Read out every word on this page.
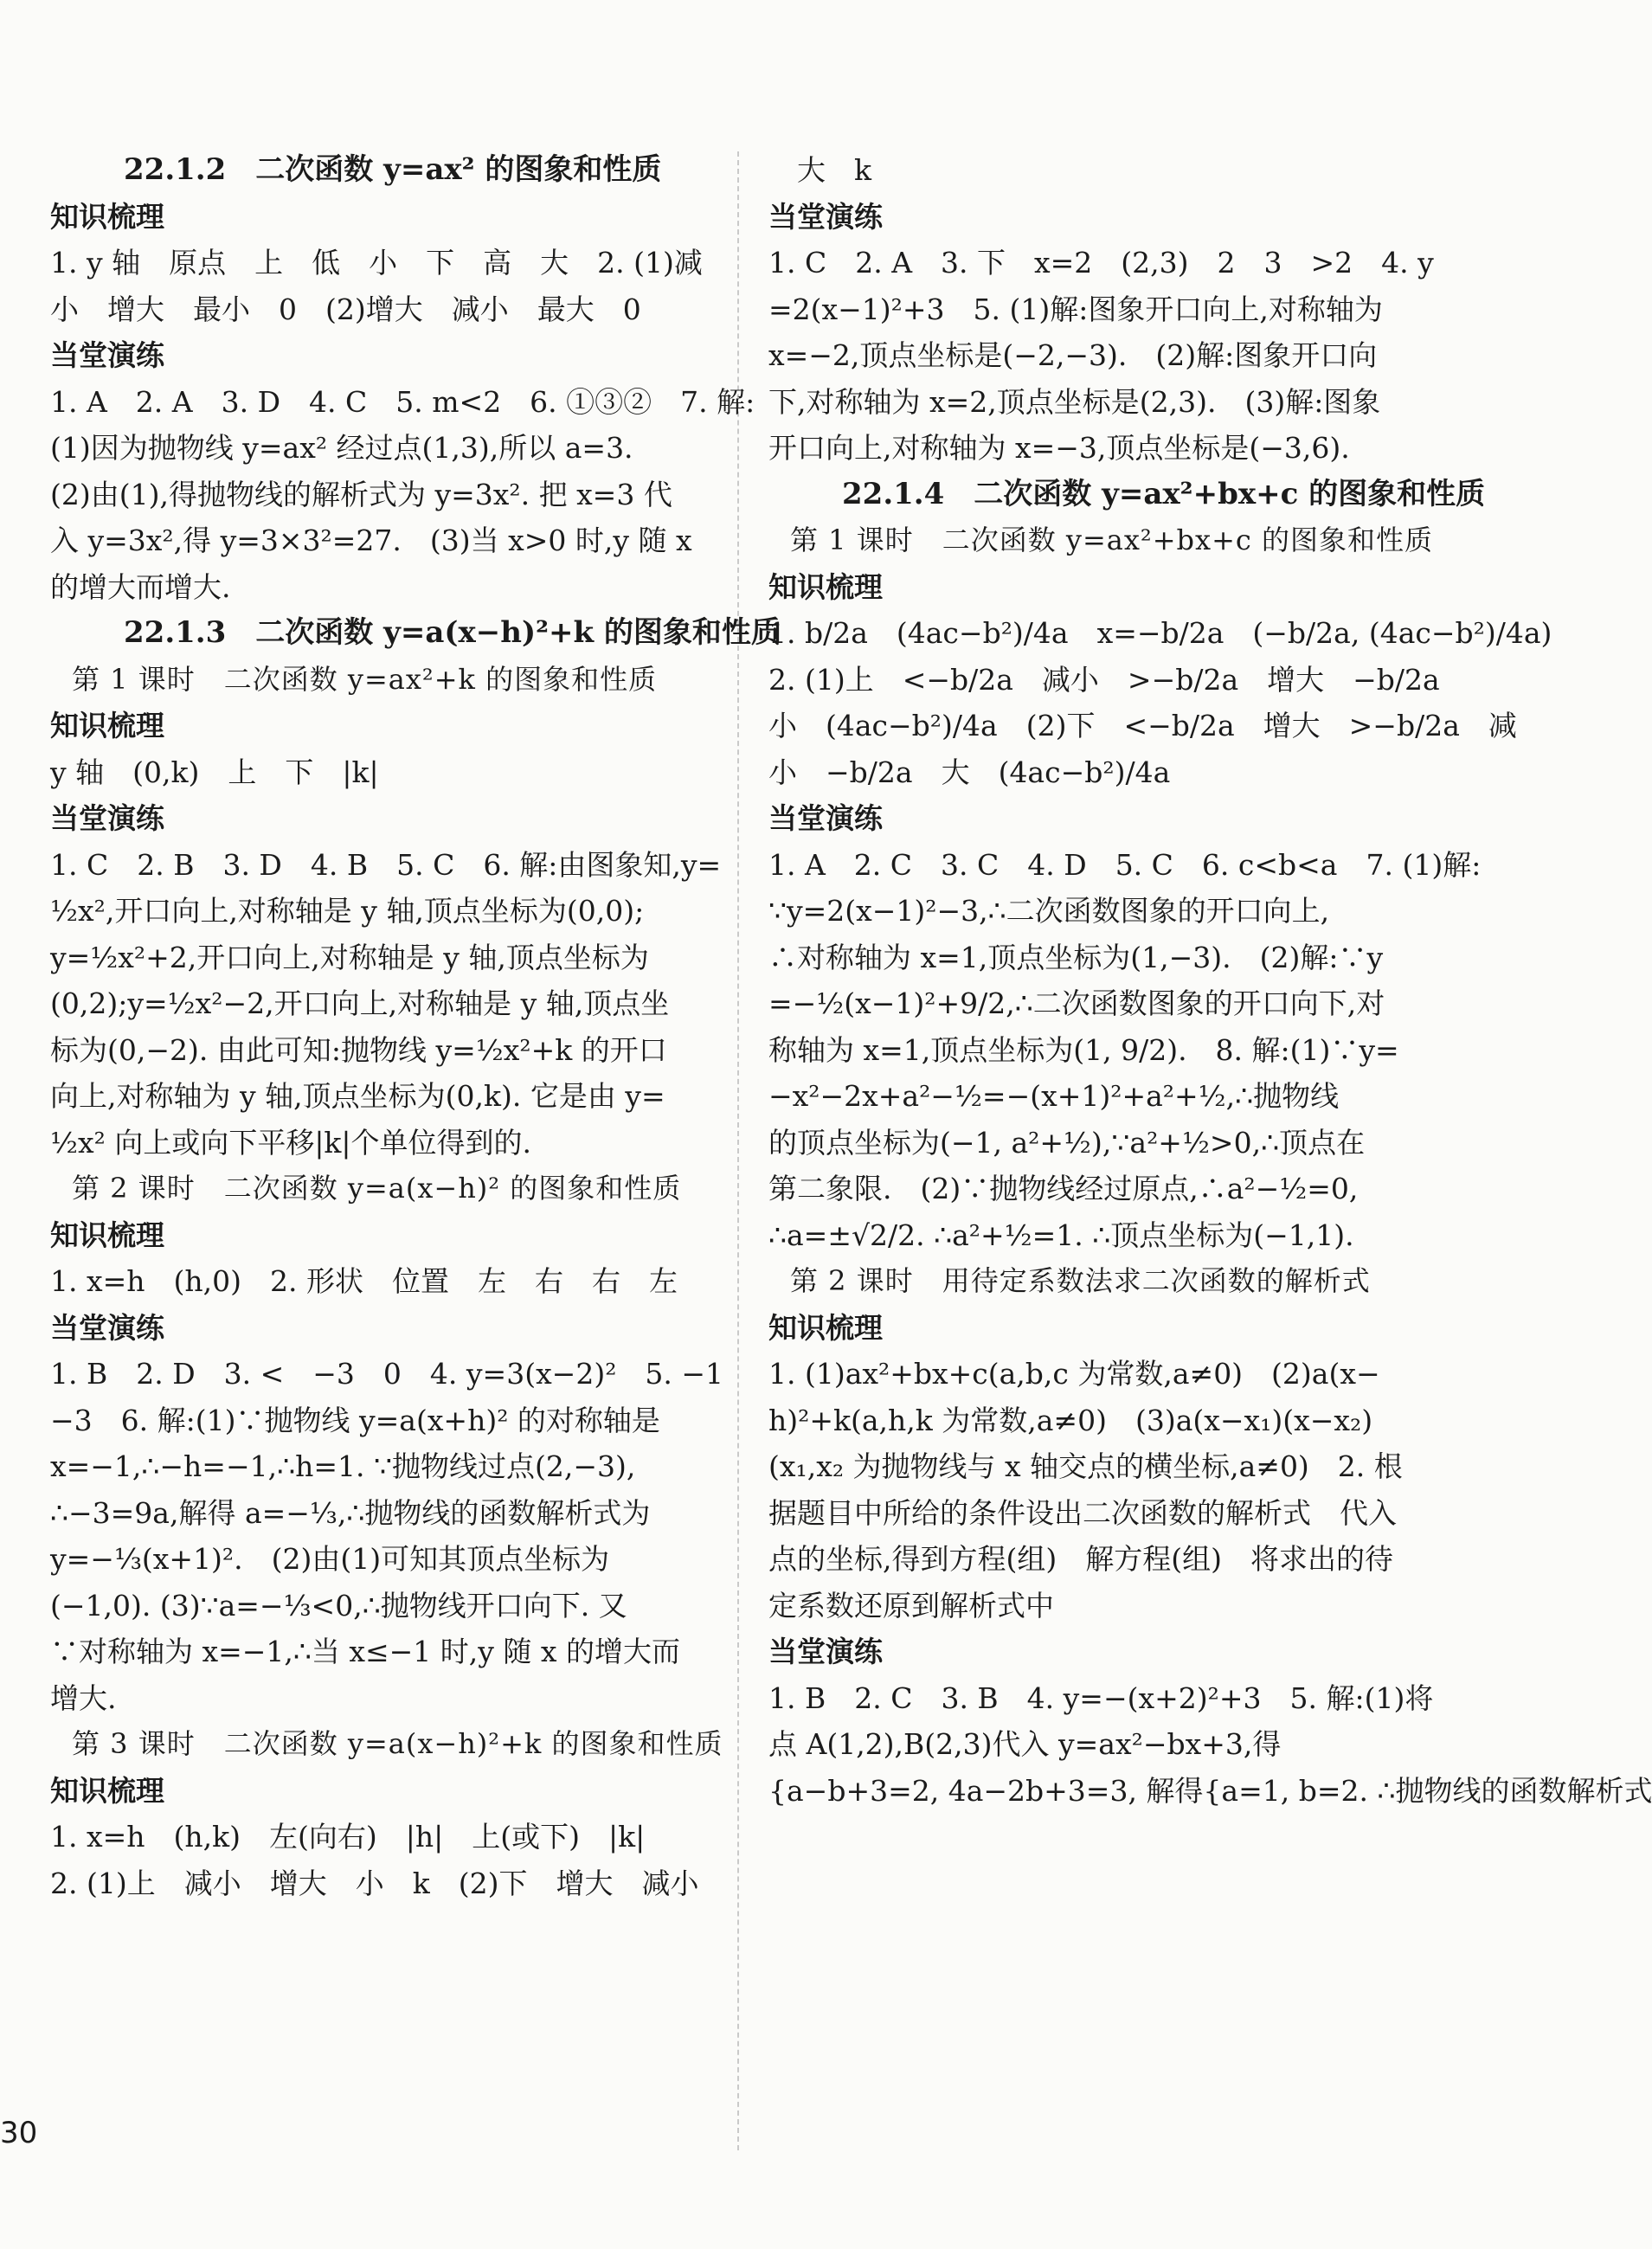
22.1.2　二次函数 y=ax² 的图象和性质
知识梳理
1. y 轴　原点　上　低　小　下　高　大　2. (1)减
小　增大　最小　0　(2)增大　减小　最大　0
当堂演练
1. A　2. A　3. D　4. C　5. m<2　6. ①③②　7. 解:
(1)因为抛物线 y=ax² 经过点(1,3),所以 a=3.
(2)由(1),得抛物线的解析式为 y=3x². 把 x=3 代
入 y=3x²,得 y=3×3²=27.　(3)当 x>0 时,y 随 x
的增大而增大.
22.1.3　二次函数 y=a(x−h)²+k 的图象和性质
第 1 课时　二次函数 y=ax²+k 的图象和性质
知识梳理
y 轴　(0,k)　上　下　|k|
当堂演练
1. C　2. B　3. D　4. B　5. C　6. 解:由图象知,y=
½x²,开口向上,对称轴是 y 轴,顶点坐标为(0,0);
y=½x²+2,开口向上,对称轴是 y 轴,顶点坐标为
(0,2);y=½x²−2,开口向上,对称轴是 y 轴,顶点坐
标为(0,−2). 由此可知:抛物线 y=½x²+k 的开口
向上,对称轴为 y 轴,顶点坐标为(0,k). 它是由 y=
½x² 向上或向下平移|k|个单位得到的.
第 2 课时　二次函数 y=a(x−h)² 的图象和性质
知识梳理
1. x=h　(h,0)　2. 形状　位置　左　右　右　左
当堂演练
1. B　2. D　3. <　−3　0　4. y=3(x−2)²　5. −1
−3　6. 解:(1)∵抛物线 y=a(x+h)² 的对称轴是
x=−1,∴−h=−1,∴h=1. ∵抛物线过点(2,−3),
∴−3=9a,解得 a=−⅓,∴抛物线的函数解析式为
y=−⅓(x+1)².　(2)由(1)可知其顶点坐标为
(−1,0). (3)∵a=−⅓<0,∴抛物线开口向下. 又
∵对称轴为 x=−1,∴当 x≤−1 时,y 随 x 的增大而
增大.
第 3 课时　二次函数 y=a(x−h)²+k 的图象和性质
知识梳理
1. x=h　(h,k)　左(向右)　|h|　上(或下)　|k|
2. (1)上　减小　增大　小　k　(2)下　增大　减小
　大　k
当堂演练
1. C　2. A　3. 下　x=2　(2,3)　2　3　>2　4. y
=2(x−1)²+3　5. (1)解:图象开口向上,对称轴为
x=−2,顶点坐标是(−2,−3).　(2)解:图象开口向
下,对称轴为 x=2,顶点坐标是(2,3).　(3)解:图象
开口向上,对称轴为 x=−3,顶点坐标是(−3,6).
22.1.4　二次函数 y=ax²+bx+c 的图象和性质
第 1 课时　二次函数 y=ax²+bx+c 的图象和性质
知识梳理
1. b/2a　(4ac−b²)/4a　x=−b/2a　(−b/2a, (4ac−b²)/4a)
2. (1)上　<−b/2a　减小　>−b/2a　增大　−b/2a
小　(4ac−b²)/4a　(2)下　<−b/2a　增大　>−b/2a　减
小　−b/2a　大　(4ac−b²)/4a
当堂演练
1. A　2. C　3. C　4. D　5. C　6. c<b<a　7. (1)解:
∵y=2(x−1)²−3,∴二次函数图象的开口向上,
∴对称轴为 x=1,顶点坐标为(1,−3).　(2)解:∵y
=−½(x−1)²+9/2,∴二次函数图象的开口向下,对
称轴为 x=1,顶点坐标为(1, 9/2).　8. 解:(1)∵y=
−x²−2x+a²−½=−(x+1)²+a²+½,∴抛物线
的顶点坐标为(−1, a²+½),∵a²+½>0,∴顶点在
第二象限.　(2)∵抛物线经过原点,∴a²−½=0,
∴a=±√2/2. ∴a²+½=1. ∴顶点坐标为(−1,1).
第 2 课时　用待定系数法求二次函数的解析式
知识梳理
1. (1)ax²+bx+c(a,b,c 为常数,a≠0)　(2)a(x−
h)²+k(a,h,k 为常数,a≠0)　(3)a(x−x₁)(x−x₂)
(x₁,x₂ 为抛物线与 x 轴交点的横坐标,a≠0)　2. 根
据题目中所给的条件设出二次函数的解析式　代入
点的坐标,得到方程(组)　解方程(组)　将求出的待
定系数还原到解析式中
当堂演练
1. B　2. C　3. B　4. y=−(x+2)²+3　5. 解:(1)将
点 A(1,2),B(2,3)代入 y=ax²−bx+3,得
{a−b+3=2, 4a−2b+3=3, 解得{a=1, b=2. ∴抛物线的函数解析式
30
